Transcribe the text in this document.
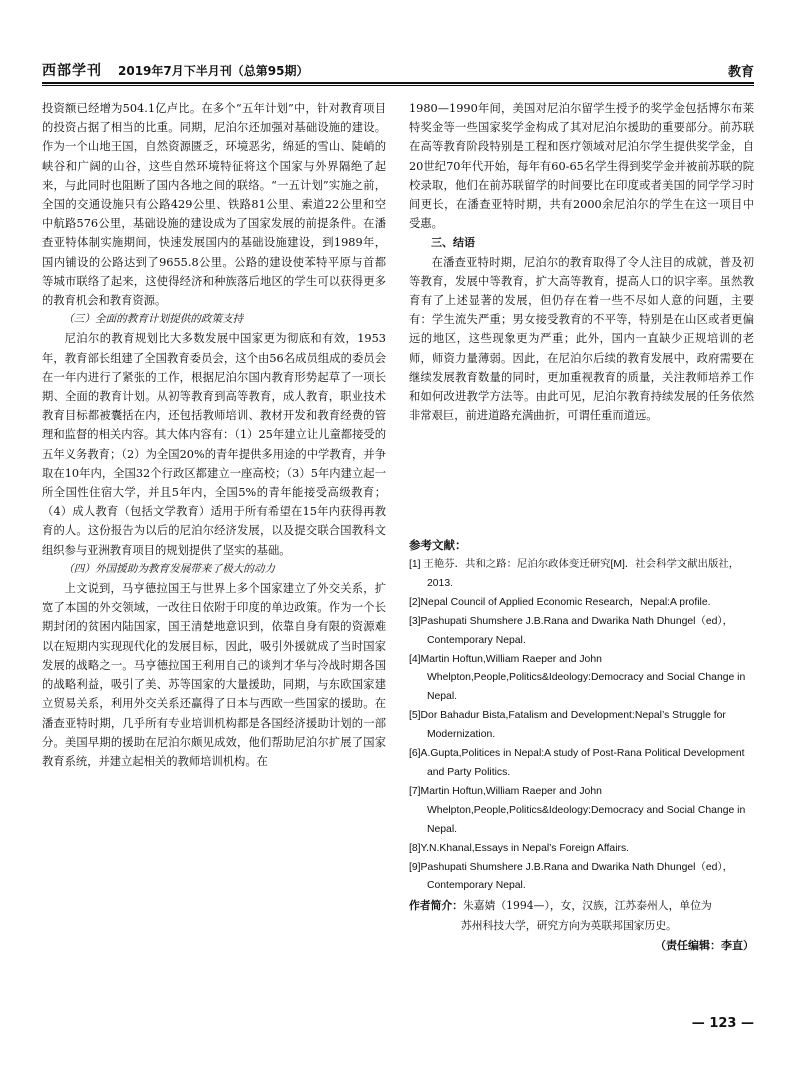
西部学刊 2019年7月下半月刊（总第95期）	教育

投资额已经增为504.1亿卢比。在多个“五年计划”中，针对教育项目的投资占据了相当的比重。同期，尼泊尔还加强对基础设施的建设。作为一个山地王国，自然资源匮乏，环境恶劣，绵延的雪山、陡峭的峡谷和广阔的山谷，这些自然环境特征将这个国家与外界隔绝了起来，与此同时也阻断了国内各地之间的联络。“一五计划”实施之前，全国的交通设施只有公路429公里、铁路81公里、索道22公里和空中航路576公里，基础设施的建设成为了国家发展的前提条件。在潘查亚特体制实施期间，快速发展国内的基础设施建设，到1989年，国内铺设的公路达到了9655.8公里。公路的建设使苯特平原与首都等城市联络了起来，这使得经济和种族落后地区的学生可以获得更多的教育机会和教育资源。

（三）全面的教育计划提供的政策支持

尼泊尔的教育规划比大多数发展中国家更为彻底和有效，1953年，教育部长组建了全国教育委员会，这个由56名成员组成的委员会在一年内进行了紧张的工作，根据尼泊尔国内教育形势起草了一项长期、全面的教育计划。从初等教育到高等教育，成人教育，职业技术教育目标都被囊括在内，还包括教师培训、教材开发和教育经费的管理和监督的相关内容。其大体内容有：（1）25年建立让儿童都接受的五年义务教育；（2）为全国20%的青年提供多用途的中学教育，并争取在10年内，全国32个行政区都建立一座高校；（3）5年内建立起一所全国性住宿大学，并且5年内，全国5%的青年能接受高级教育；（4）成人教育（包括文学教育）适用于所有希望在15年内获得再教育的人。这份报告为以后的尼泊尔经济发展，以及提交联合国教科文组织参与亚洲教育项目的规划提供了坚实的基础。

（四）外国援助为教育发展带来了极大的动力

上文说到，马亨德拉国王与世界上多个国家建立了外交关系，扩宽了本国的外交领域，一改往日依附于印度的单边政策。作为一个长期封闭的贫困内陆国家，国王清楚地意识到，依靠自身有限的资源难以在短期内实现现代化的发展目标，因此，吸引外援就成了当时国家发展的战略之一。马亨德拉国王利用自己的谈判才华与冷战时期各国的战略利益，吸引了美、苏等国家的大量援助，同期，与东欧国家建立贸易关系，利用外交关系还赢得了日本与西欧一些国家的援助。在潘查亚特时期，几乎所有专业培训机构都是各国经济援助计划的一部分。美国早期的援助在尼泊尔颇见成效，他们帮助尼泊尔扩展了国家教育系统，并建立起相关的教师培训机构。在

1980—1990年间，美国对尼泊尔留学生授予的奖学金包括博尔布莱特奖金等一些国家奖学金构成了其对尼泊尔援助的重要部分。前苏联在高等教育阶段特别是工程和医疗领域对尼泊尔学生提供奖学金，自20世纪70年代开始，每年有60-65名学生得到奖学金并被前苏联的院校录取，他们在前苏联留学的时间要比在印度或者美国的同学学习时间更长，在潘查亚特时期，共有2000余尼泊尔的学生在这一项目中受惠。

三、结语

在潘查亚特时期，尼泊尔的教育取得了令人注目的成就，普及初等教育，发展中等教育，扩大高等教育，提高人口的识字率。虽然教育有了上述显著的发展，但仍存在着一些不尽如人意的问题，主要有：学生流失严重；男女接受教育的不平等，特别是在山区或者更偏远的地区，这些现象更为严重；此外，国内一直缺少正规培训的老师，师资力量薄弱。因此，在尼泊尔后续的教育发展中，政府需要在继续发展教育数量的同时，更加重视教育的质量，关注教师培养工作和如何改进教学方法等。由此可见，尼泊尔教育持续发展的任务依然非常艰巨，前进道路充满曲折，可谓任重而道远。

参考文献：
[1] 王艳芬．共和之路：尼泊尔政体变迁研究[M]．社会科学文献出版社，2013.
[2]Nepal Council of Applied Economic Research，Nepal:A profile.
[3]Pashupati Shumshere J.B.Rana and Dwarika Nath Dhungel（ed），Contemporary Nepal.
[4]Martin Hoftun,William Raeper and John Whelpton,People,Politics&Ideology:Democracy and Social Change in Nepal.
[5]Dor Bahadur Bista,Fatalism and Development:Nepal’s Struggle for Modernization.
[6]A.Gupta,Politices in Nepal:A study of Post-Rana Political Development and Party Politics.
[7]Martin Hoftun,William Raeper and John Whelpton,People,Politics&Ideology:Democracy and Social Change in Nepal.
[8]Y.N.Khanal,Essays in Nepal’s Foreign Affairs.
[9]Pashupati Shumshere J.B.Rana and Dwarika Nath Dhungel（ed），Contemporary Nepal.
作者简介：朱嘉婧（1994—），女，汉族，江苏泰州人，单位为
苏州科技大学，研究方向为英联邦国家历史。
（责任编辑：李直）
— 123 —
